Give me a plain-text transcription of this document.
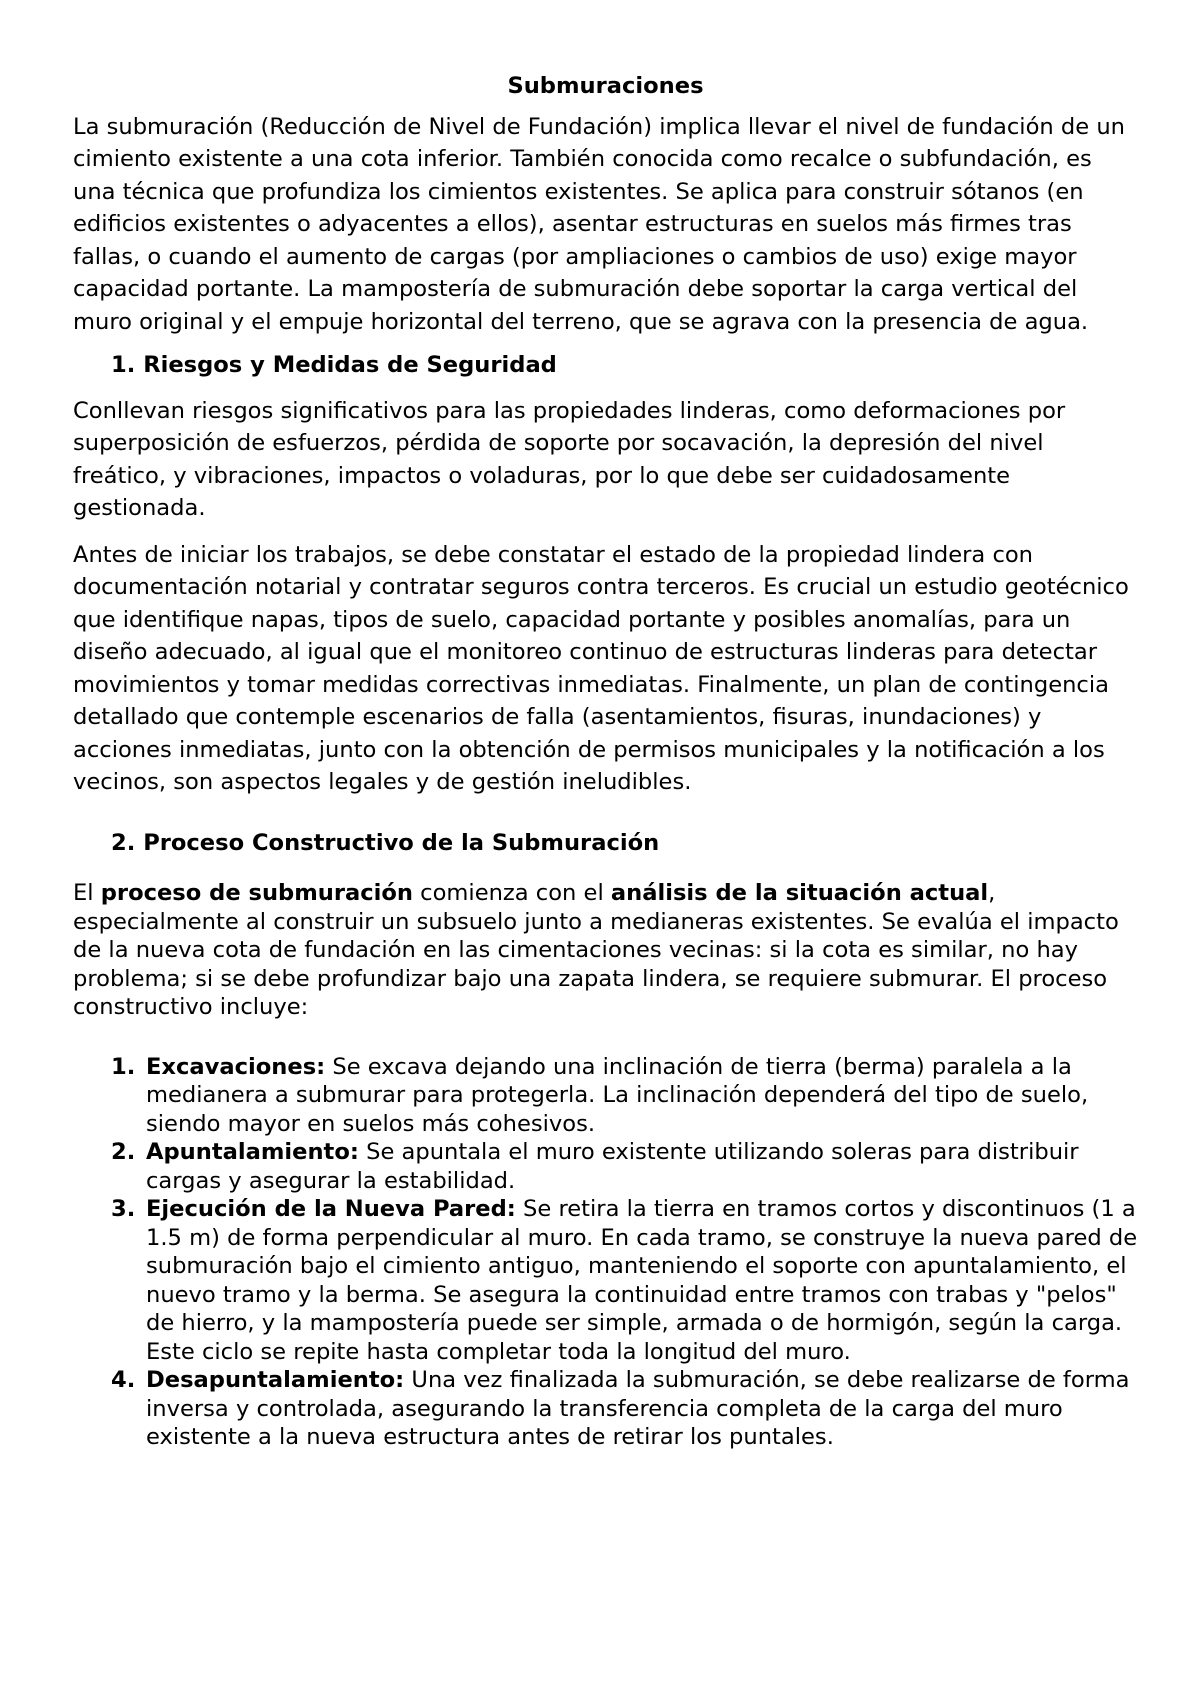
Submuraciones

La submuración (Reducción de Nivel de Fundación) implica llevar el nivel de fundación de un cimiento existente a una cota inferior. También conocida como recalce o subfundación, es una técnica que profundiza los cimientos existentes. Se aplica para construir sótanos (en edificios existentes o adyacentes a ellos), asentar estructuras en suelos más firmes tras fallas, o cuando el aumento de cargas (por ampliaciones o cambios de uso) exige mayor capacidad portante. La mampostería de submuración debe soportar la carga vertical del muro original y el empuje horizontal del terreno, que se agrava con la presencia de agua.

1. Riesgos y Medidas de Seguridad

Conllevan riesgos significativos para las propiedades linderas, como deformaciones por superposición de esfuerzos, pérdida de soporte por socavación, la depresión del nivel freático, y vibraciones, impactos o voladuras, por lo que debe ser cuidadosamente gestionada.

Antes de iniciar los trabajos, se debe constatar el estado de la propiedad lindera con documentación notarial y contratar seguros contra terceros. Es crucial un estudio geotécnico que identifique napas, tipos de suelo, capacidad portante y posibles anomalías, para un diseño adecuado, al igual que el monitoreo continuo de estructuras linderas para detectar movimientos y tomar medidas correctivas inmediatas. Finalmente, un plan de contingencia detallado que contemple escenarios de falla (asentamientos, fisuras, inundaciones) y acciones inmediatas, junto con la obtención de permisos municipales y la notificación a los vecinos, son aspectos legales y de gestión ineludibles.

2. Proceso Constructivo de la Submuración

El proceso de submuración comienza con el análisis de la situación actual, especialmente al construir un subsuelo junto a medianeras existentes. Se evalúa el impacto de la nueva cota de fundación en las cimentaciones vecinas: si la cota es similar, no hay problema; si se debe profundizar bajo una zapata lindera, se requiere submurar. El proceso constructivo incluye:

1. Excavaciones: Se excava dejando una inclinación de tierra (berma) paralela a la medianera a submurar para protegerla. La inclinación dependerá del tipo de suelo, siendo mayor en suelos más cohesivos.
2. Apuntalamiento: Se apuntala el muro existente utilizando soleras para distribuir cargas y asegurar la estabilidad.
3. Ejecución de la Nueva Pared: Se retira la tierra en tramos cortos y discontinuos (1 a 1.5 m) de forma perpendicular al muro. En cada tramo, se construye la nueva pared de submuración bajo el cimiento antiguo, manteniendo el soporte con apuntalamiento, el nuevo tramo y la berma. Se asegura la continuidad entre tramos con trabas y "pelos" de hierro, y la mampostería puede ser simple, armada o de hormigón, según la carga. Este ciclo se repite hasta completar toda la longitud del muro.
4. Desapuntalamiento: Una vez finalizada la submuración, se debe realizarse de forma inversa y controlada, asegurando la transferencia completa de la carga del muro existente a la nueva estructura antes de retirar los puntales.
